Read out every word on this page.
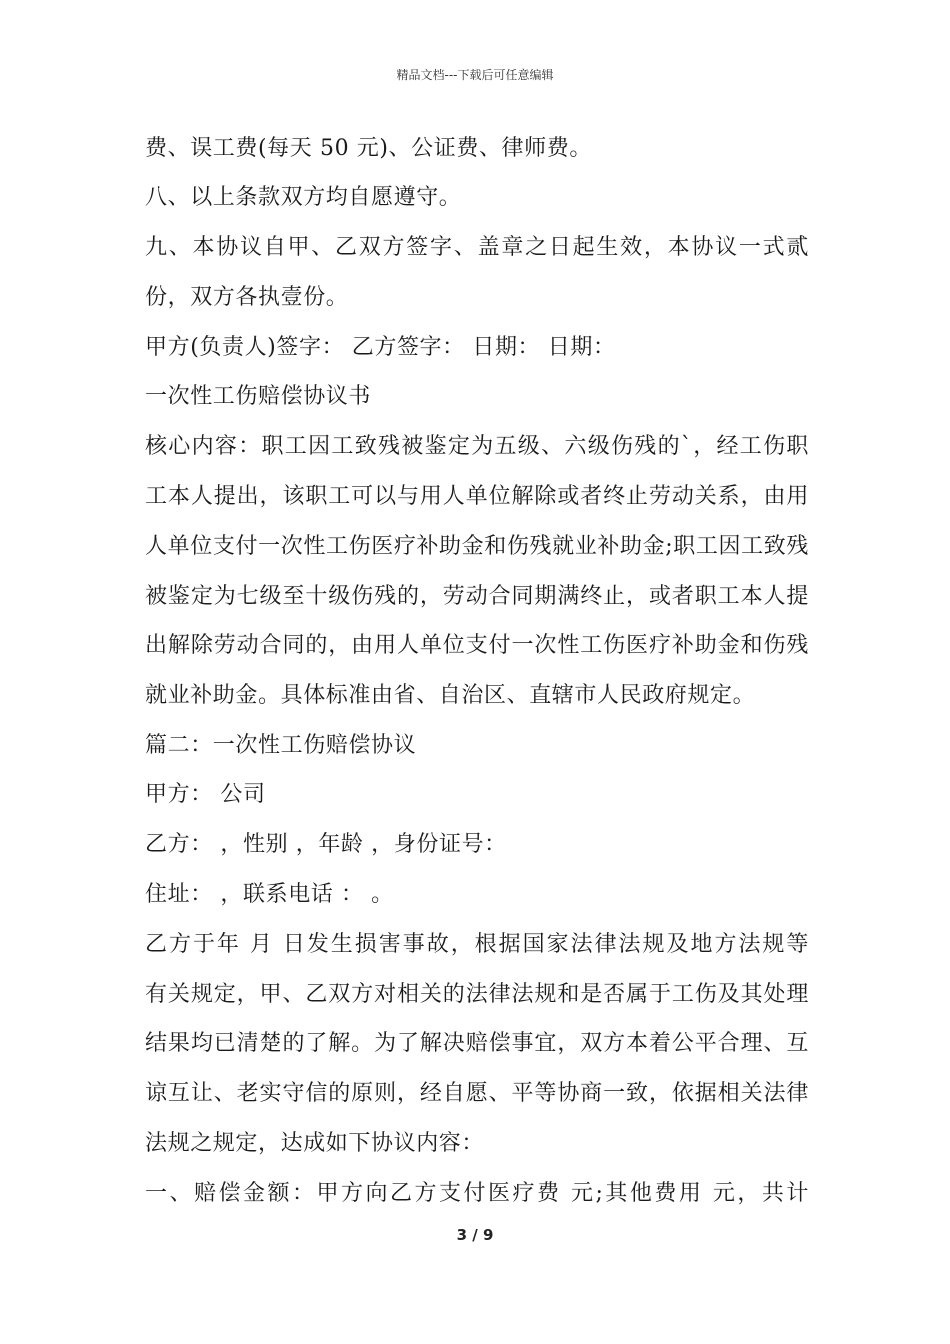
精品文档---下载后可任意编辑
费、误工费(每天 50 元)、公证费、律师费。
八、以上条款双方均自愿遵守。
九、本协议自甲、乙双方签字、盖章之日起生效，本协议一式贰
份，双方各执壹份。
甲方(负责人)签字： 乙方签字： 日期： 日期：
一次性工伤赔偿协议书
核心内容：职工因工致残被鉴定为五级、六级伤残的`，经工伤职
工本人提出，该职工可以与用人单位解除或者终止劳动关系，由用
人单位支付一次性工伤医疗补助金和伤残就业补助金;职工因工致残
被鉴定为七级至十级伤残的，劳动合同期满终止，或者职工本人提
出解除劳动合同的，由用人单位支付一次性工伤医疗补助金和伤残
就业补助金。具体标准由省、自治区、直辖市人民政府规定。
篇二：一次性工伤赔偿协议
甲方： 公司
乙方： ，性别 ，年龄 ，身份证号：
住址： ，联系电话 ： 。
乙方于年 月 日发生损害事故，根据国家法律法规及地方法规等
有关规定，甲、乙双方对相关的法律法规和是否属于工伤及其处理
结果均已清楚的了解。为了解决赔偿事宜，双方本着公平合理、互
谅互让、老实守信的原则，经自愿、平等协商一致，依据相关法律
法规之规定，达成如下协议内容：
一、赔偿金额：甲方向乙方支付医疗费 元;其他费用 元，共计
3 / 9
